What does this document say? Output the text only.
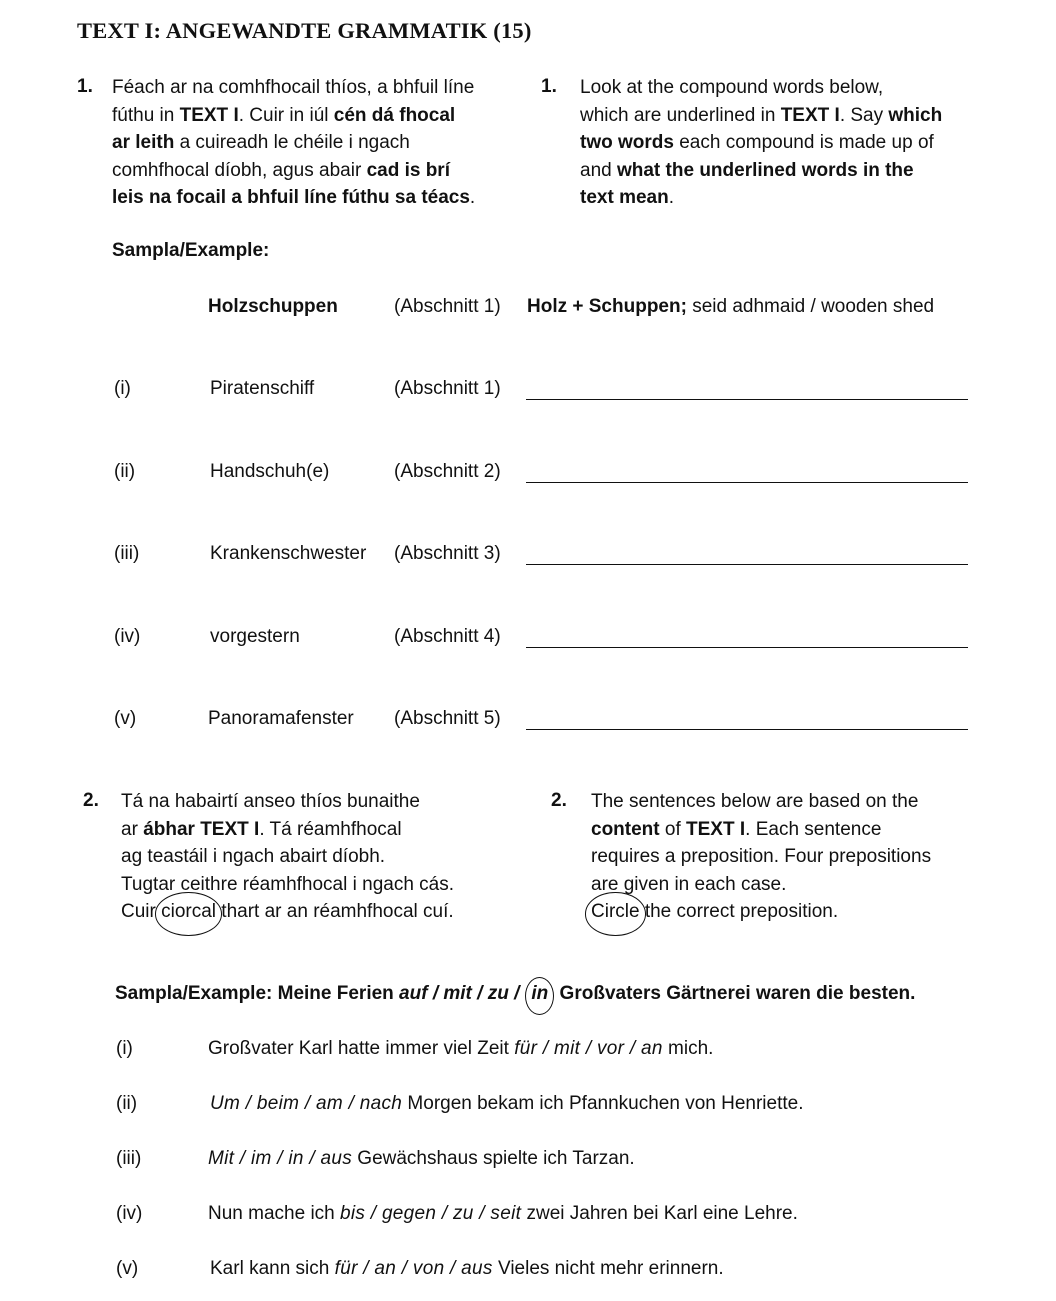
TEXT I: ANGEWANDTE GRAMMATIK (15)
1. Féach ar na comhfhocail thíos, a bhfuil líne
fúthu in TEXT I. Cuir in iúl cén dá fhocal
ar leith a cuireadh le chéile i ngach
comhfhocal díobh, agus abair cad is brí
leis na focail a bhfuil líne fúthu sa téacs.
1. Look at the compound words below,
which are underlined in TEXT I. Say which
two words each compound is made up of
and what the underlined words in the
text mean.
Sampla/Example:
Holzschuppen	(Abschnitt 1) Holz + Schuppen; seid adhmaid / wooden shed
(i)	Piratenschiff	(Abschnitt 1)
(ii)	Handschuh(e)	(Abschnitt 2)
(iii)	Krankenschwester (Abschnitt 3)
(iv)	vorgestern	(Abschnitt 4)
(v)	Panoramafenster (Abschnitt 5)
2. Tá na habairtí anseo thíos bunaithe
ar ábhar TEXT I. Tá réamhfhocal
ag teastáil i ngach abairt díobh.
Tugtar ceithre réamhfhocal i ngach cás.
Cuir ciorcal thart ar an réamhfhocal cuí.
2. The sentences below are based on the
content of TEXT I. Each sentence
requires a preposition. Four prepositions
are given in each case.
Circle the correct preposition.
Sampla/Example: Meine Ferien auf / mit / zu / in Großvaters Gärtnerei waren die besten.
(i)	Großvater Karl hatte immer viel Zeit für / mit / vor / an mich.
(ii)	Um / beim / am / nach Morgen bekam ich Pfannkuchen von Henriette.
(iii)	Mit / im / in / aus Gewächshaus spielte ich Tarzan.
(iv)	Nun mache ich bis / gegen / zu / seit zwei Jahren bei Karl eine Lehre.
(v)	Karl kann sich für / an / von / aus Vieles nicht mehr erinnern.
